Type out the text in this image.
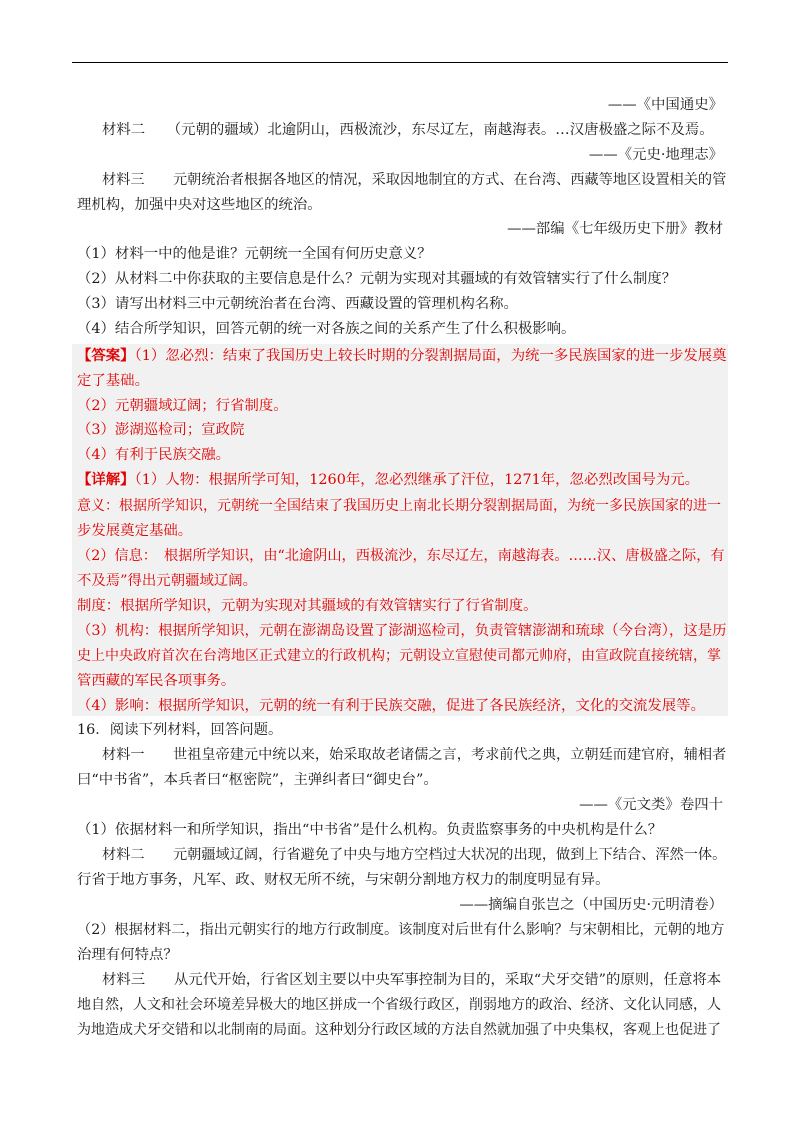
——《中国通史》
材料二　　（元朝的疆域）北逾阴山，西极流沙，东尽辽左，南越海表。…汉唐极盛之际不及焉。
——《元史·地理志》
材料三　　元朝统治者根据各地区的情况，采取因地制宜的方式、在台湾、西藏等地区设置相关的管
理机构，加强中央对这些地区的统治。
——部编《七年级历史下册》教材
（1）材料一中的他是谁？元朝统一全国有何历史意义？
（2）从材料二中你获取的主要信息是什么？元朝为实现对其疆域的有效管辖实行了什么制度？
（3）请写出材料三中元朝统治者在台湾、西藏设置的管理机构名称。
（4）结合所学知识，回答元朝的统一对各族之间的关系产生了什么积极影响。
【答案】（1）忽必烈：结束了我国历史上较长时期的分裂割据局面，为统一多民族国家的进一步发展奠
定了基础。
（2）元朝疆域辽阔；行省制度。
（3）澎湖巡检司；宣政院
（4）有利于民族交融。
【详解】（1）人物：根据所学可知，1260年，忽必烈继承了汗位，1271年，忽必烈改国号为元。
意义：根据所学知识，元朝统一全国结束了我国历史上南北长期分裂割据局面，为统一多民族国家的进一
步发展奠定基础。
（2）信息：　根据所学知识，由“北逾阴山，西极流沙，东尽辽左，南越海表。……汉、唐极盛之际，有
不及焉”得出元朝疆域辽阔。
制度：根据所学知识，元朝为实现对其疆域的有效管辖实行了行省制度。
（3）机构：根据所学知识，元朝在澎湖岛设置了澎湖巡检司，负责管辖澎湖和琉球（今台湾），这是历
史上中央政府首次在台湾地区正式建立的行政机构；元朝设立宣慰使司都元帅府，由宣政院直接统辖，掌
管西藏的军民各项事务。
（4）影响：根据所学知识，元朝的统一有利于民族交融，促进了各民族经济，文化的交流发展等。
16．阅读下列材料，回答问题。
材料一　　世祖皇帝建元中统以来，始采取故老诸儒之言，考求前代之典，立朝廷而建官府，辅相者
曰“中书省”，本兵者曰“枢密院”，主弹纠者曰“御史台”。
——《元文类》卷四十
（1）依据材料一和所学知识，指出“中书省”是什么机构。负责监察事务的中央机构是什么？
材料二　　元朝疆域辽阔，行省避免了中央与地方空档过大状况的出现，做到上下结合、浑然一体。
行省于地方事务，凡军、政、财权无所不统，与宋朝分割地方权力的制度明显有异。
——摘编自张岂之（中国历史·元明清卷）
（2）根据材料二，指出元朝实行的地方行政制度。该制度对后世有什么影响？与宋朝相比，元朝的地方
治理有何特点？
材料三　　从元代开始，行省区划主要以中央军事控制为目的，采取“犬牙交错”的原则，任意将本
地自然，人文和社会环境差异极大的地区拼成一个省级行政区，削弱地方的政治、经济、文化认同感，人
为地造成犬牙交错和以北制南的局面。这种划分行政区域的方法自然就加强了中央集权，客观上也促进了
